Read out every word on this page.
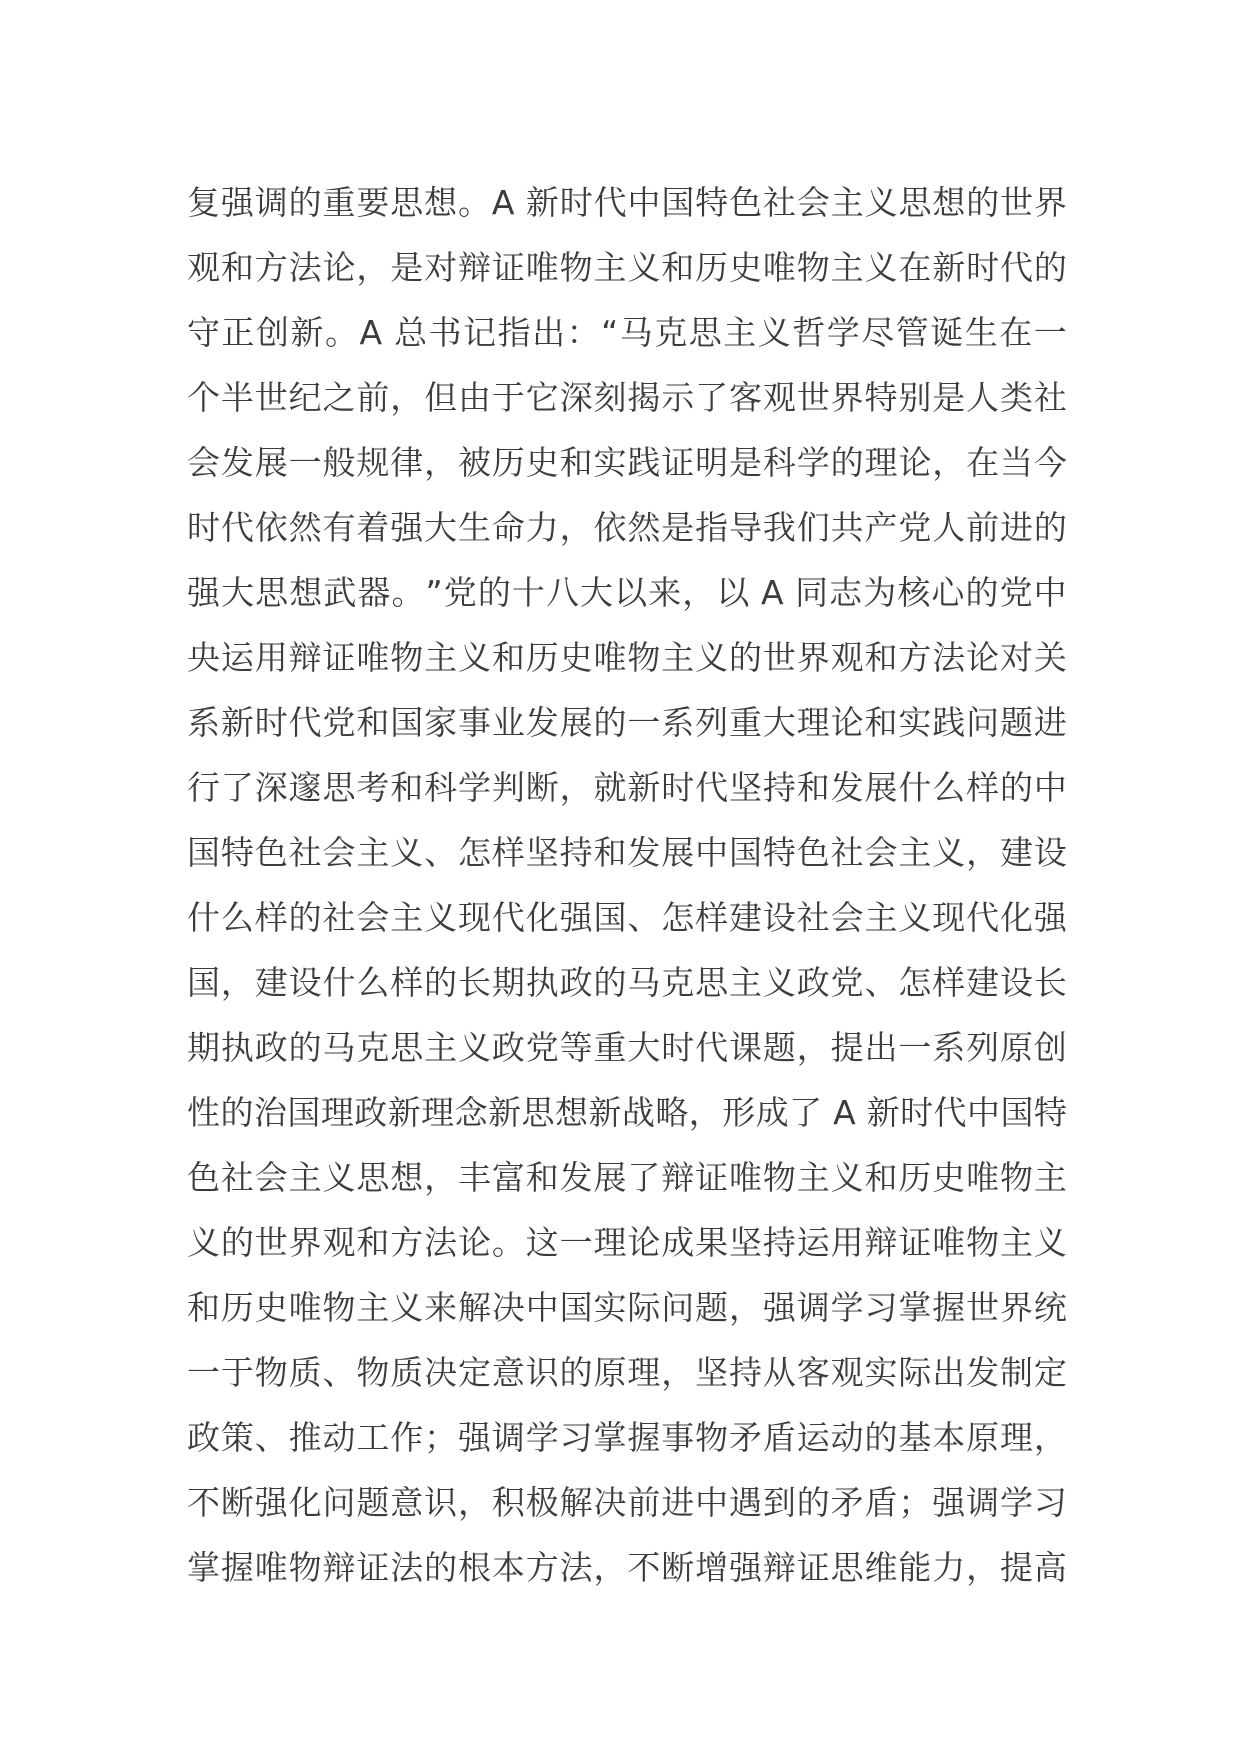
复 强 调 的 重 要 思 想 。 A 新 时 代 中 国 特 色 社 会 主 义 思 想 的 世 界
观 和 方 法 论 ， 是 对 辩 证 唯 物 主 义 和 历 史 唯 物 主 义 在 新 时 代 的
守 正 创 新 。 A 总 书 记 指 出 ： “ 马 克 思 主 义 哲 学 尽 管 诞 生 在 一
个 半 世 纪 之 前 ， 但 由 于 它 深 刻 揭 示 了 客 观 世 界 特 别 是 人 类 社
会 发 展 一 般 规 律 ， 被 历 史 和 实 践 证 明 是 科 学 的 理 论 ， 在 当 今
时 代 依 然 有 着 强 大 生 命 力 ， 依 然 是 指 导 我 们 共 产 党 人 前 进 的
强 大 思 想 武 器 。 ” 党 的 十 八 大 以 来 ， 以 A 同 志 为 核 心 的 党 中
央 运 用 辩 证 唯 物 主 义 和 历 史 唯 物 主 义 的 世 界 观 和 方 法 论 对 关
系 新 时 代 党 和 国 家 事 业 发 展 的 一 系 列 重 大 理 论 和 实 践 问 题 进
行 了 深 邃 思 考 和 科 学 判 断 ， 就 新 时 代 坚 持 和 发 展 什 么 样 的 中
国 特 色 社 会 主 义 、 怎 样 坚 持 和 发 展 中 国 特 色 社 会 主 义 ， 建 设
什 么 样 的 社 会 主 义 现 代 化 强 国 、 怎 样 建 设 社 会 主 义 现 代 化 强
国 ， 建 设 什 么 样 的 长 期 执 政 的 马 克 思 主 义 政 党 、 怎 样 建 设 长
期 执 政 的 马 克 思 主 义 政 党 等 重 大 时 代 课 题 ， 提 出 一 系 列 原 创
性 的 治 国 理 政 新 理 念 新 思 想 新 战 略 ， 形 成 了 A 新 时 代 中 国 特
色 社 会 主 义 思 想 ， 丰 富 和 发 展 了 辩 证 唯 物 主 义 和 历 史 唯 物 主
义 的 世 界 观 和 方 法 论 。 这 一 理 论 成 果 坚 持 运 用 辩 证 唯 物 主 义
和 历 史 唯 物 主 义 来 解 决 中 国 实 际 问 题 ， 强 调 学 习 掌 握 世 界 统
一 于 物 质 、 物 质 决 定 意 识 的 原 理 ， 坚 持 从 客 观 实 际 出 发 制 定
政 策 、 推 动 工 作 ； 强 调 学 习 掌 握 事 物 矛 盾 运 动 的 基 本 原 理 ，
不 断 强 化 问 题 意 识 ， 积 极 解 决 前 进 中 遇 到 的 矛 盾 ； 强 调 学 习
掌 握 唯 物 辩 证 法 的 根 本 方 法 ， 不 断 增 强 辩 证 思 维 能 力 ， 提 高
